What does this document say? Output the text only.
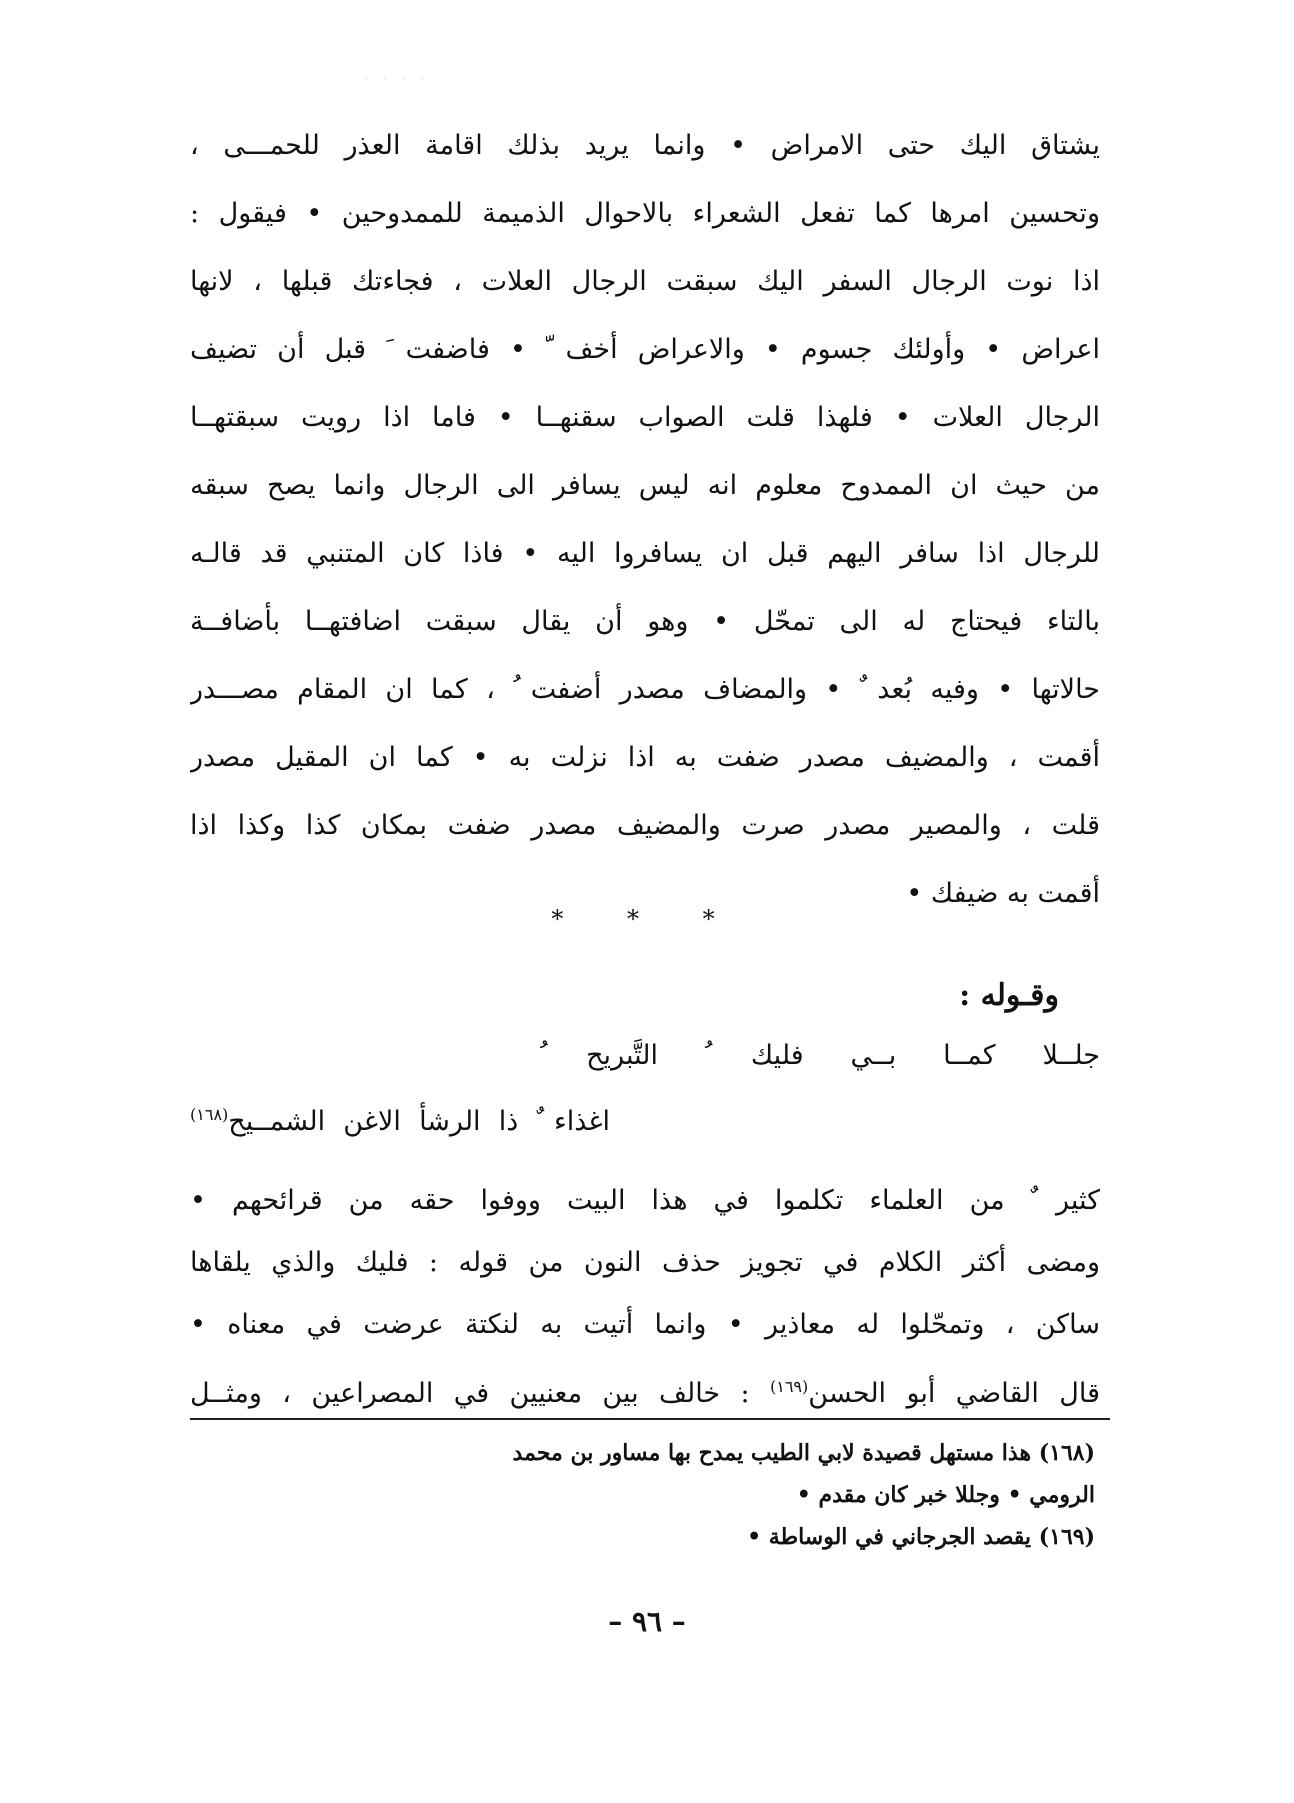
· · · ·
يشتاق اليك حتى الامراض • وانما يريد بذلك اقامة العذر للحمـــى ،
وتحسين امرها كما تفعل الشعراء بالاحوال الذميمة للممدوحين • فيقول :
اذا نوت الرجال السفر اليك سبقت الرجال العلات ، فجاءتك قبلها ، لانها
اعراض • وأولئك جسوم • والاعراض أخف ّ • فاضفت َ قبل أن تضيف
الرجال العلات • فلهذا قلت الصواب سقنهــا • فاما اذا رويت سبقتهــا
من حيث ان الممدوح معلوم انه ليس يسافر الى الرجال وانما يصح سبقه
للرجال اذا سافر اليهم قبل ان يسافروا اليه • فاذا كان المتنبي قد قالـه
بالتاء فيحتاج له الى تمحّل • وهو أن يقال سبقت اضافتهــا بأضافــة
حالاتها • وفيه بُعد ٌ • والمضاف مصدر أضفت ُ ، كما ان المقام مصـــدر
أقمت ، والمضيف مصدر ضفت به اذا نزلت به • كما ان المقيل مصدر
قلت ، والمصير مصدر صرت والمضيف مصدر ضفت بمكان كذا وكذا اذا
أقمت به ضيفك •
* * *
وقـوله :
جلــلا كمــا بــي فليك ُ التَّبريح ُ
اغذاء ٌ ذا الرشأ الاغن الشمــيح$^{(١٦٨)}$
كثير ٌ من العلماء تكلموا في هذا البيت ووفوا حقه من قرائحهم •
ومضى أكثر الكلام في تجويز حذف النون من قوله : فليك والذي يلقاها
ساكن ، وتمحّلوا له معاذير • وانما أتيت به لنكتة عرضت في معناه •
قال القاضي أبو الحسن$^{(١٦٩)}$ : خالف بين معنيين في المصراعين ، ومثــل
(١٦٨) هذا مستهل قصيدة لابي الطيب يمدح بها مساور بن محمد
الرومي • وجللا خبر كان مقدم •
(١٦٩) يقصد الجرجاني في الوساطة •
– ٩٦ –
